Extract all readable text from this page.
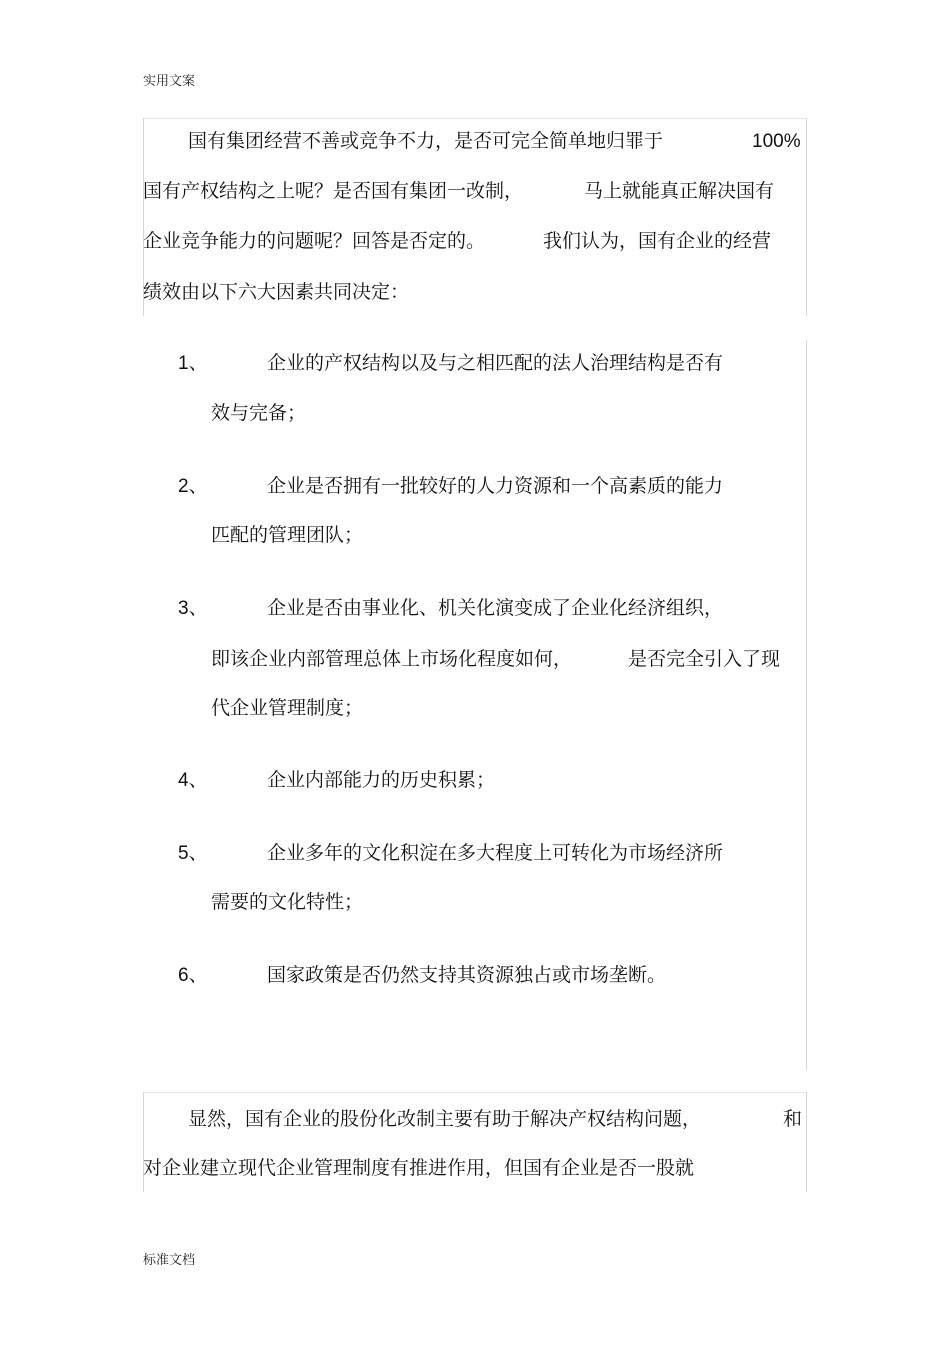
实用文案
标准文档
国有集团经营不善或竞争不力，是否可完全简单地归罪于	100%
国有产权结构之上呢？是否国有集团一改制，	马上就能真正解决国有
企业竞争能力的问题呢？回答是否定的。	我们认为，国有企业的经营
绩效由以下六大因素共同决定：
1、	企业的产权结构以及与之相匹配的法人治理结构是否有
效与完备；
2、	企业是否拥有一批较好的人力资源和一个高素质的能力
匹配的管理团队；
3、	企业是否由事业化、机关化演变成了企业化经济组织，
即该企业内部管理总体上市场化程度如何，	是否完全引入了现
代企业管理制度；
4、	企业内部能力的历史积累；
5、	企业多年的文化积淀在多大程度上可转化为市场经济所
需要的文化特性；
6、	国家政策是否仍然支持其资源独占或市场垄断。
显然，国有企业的股份化改制主要有助于解决产权结构问题，	和
对企业建立现代企业管理制度有推进作用，但国有企业是否一股就
